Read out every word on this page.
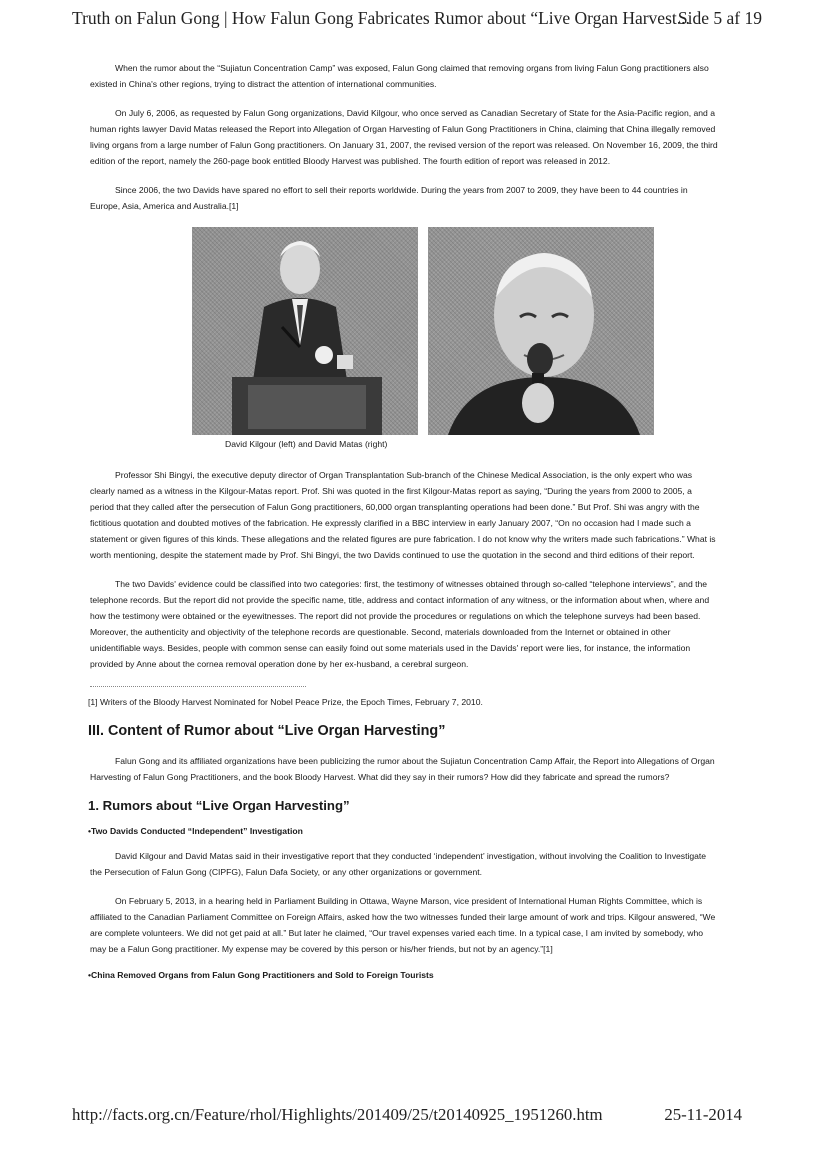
Truth on Falun Gong | How Falun Gong Fabricates Rumor about “Live Organ Harvest...
Side 5 af 19

When the rumor about the “Sujiatun Concentration Camp” was exposed, Falun Gong claimed that removing organs from living Falun Gong practitioners also existed in China's other regions, trying to distract the attention of international communities.

On July 6, 2006, as requested by Falun Gong organizations, David Kilgour, who once served as Canadian Secretary of State for the Asia-Pacific region, and a human rights lawyer David Matas released the Report into Allegation of Organ Harvesting of Falun Gong Practitioners in China, claiming that China illegally removed living organs from a large number of Falun Gong practitioners. On January 31, 2007, the revised version of the report was released. On November 16, 2009, the third edition of the report, namely the 260-page book entitled Bloody Harvest was published. The fourth edition of report was released in 2012.

Since 2006, the two Davids have spared no effort to sell their reports worldwide. During the years from 2007 to 2009, they have been to 44 countries in Europe, Asia, America and Australia.[1]

David Kilgour (left) and David Matas (right)

Professor Shi Bingyi, the executive deputy director of Organ Transplantation Sub-branch of the Chinese Medical Association, is the only expert who was clearly named as a witness in the Kilgour-Matas report. Prof. Shi was quoted in the first Kilgour-Matas report as saying, “During the years from 2000 to 2005, a period that they called after the persecution of Falun Gong practitioners, 60,000 organ transplanting operations had been done.” But Prof. Shi was angry with the fictitious quotation and doubted motives of the fabrication. He expressly clarified in a BBC interview in early January 2007, “On no occasion had I made such a statement or given figures of this kinds. These allegations and the related figures are pure fabrication. I do not know why the writers made such fabrications.” What is worth mentioning, despite the statement made by Prof. Shi Bingyi, the two Davids continued to use the quotation in the second and third editions of their report.

The two Davids' evidence could be classified into two categories: first, the testimony of witnesses obtained through so-called “telephone interviews”, and the telephone records. But the report did not provide the specific name, title, address and contact information of any witness, or the information about when, where and how the testimony were obtained or the eyewitnesses. The report did not provide the procedures or regulations on which the telephone surveys had been based. Moreover, the authenticity and objectivity of the telephone records are questionable. Second, materials downloaded from the Internet or obtained in other unidentifiable ways. Besides, people with common sense can easily foind out some materials used in the Davids' report were lies, for instance, the information provided by Anne about the cornea removal operation done by her ex-husband, a cerebral surgeon.

[1] Writers of the Bloody Harvest Nominated for Nobel Peace Prize, the Epoch Times, February 7, 2010.
III. Content of Rumor about “Live Organ Harvesting”

Falun Gong and its affiliated organizations have been publicizing the rumor about the Sujiatun Concentration Camp Affair, the Report into Allegations of Organ Harvesting of Falun Gong Practitioners, and the book Bloody Harvest. What did they say in their rumors? How did they fabricate and spread the rumors?

1. Rumors about “Live Organ Harvesting”
•Two Davids Conducted “Independent” Investigation

David Kilgour and David Matas said in their investigative report that they conducted ‘independent’ investigation, without involving the Coalition to Investigate the Persecution of Falun Gong (CIPFG), Falun Dafa Society, or any other organizations or government.

On February 5, 2013, in a hearing held in Parliament Building in Ottawa, Wayne Marson, vice president of International Human Rights Committee, which is affiliated to the Canadian Parliament Committee on Foreign Affairs, asked how the two witnesses funded their large amount of work and trips. Kilgour answered, “We are complete volunteers. We did not get paid at all.” But later he claimed, “Our travel expenses varied each time. In a typical case, I am invited by somebody, who may be a Falun Gong practitioner. My expense may be covered by this person or his/her friends, but not by an agency.”[1]

•China Removed Organs from Falun Gong Practitioners and Sold to Foreign Tourists
http://facts.org.cn/Feature/rhol/Highlights/201409/25/t20140925_1951260.htm	25-11-2014
